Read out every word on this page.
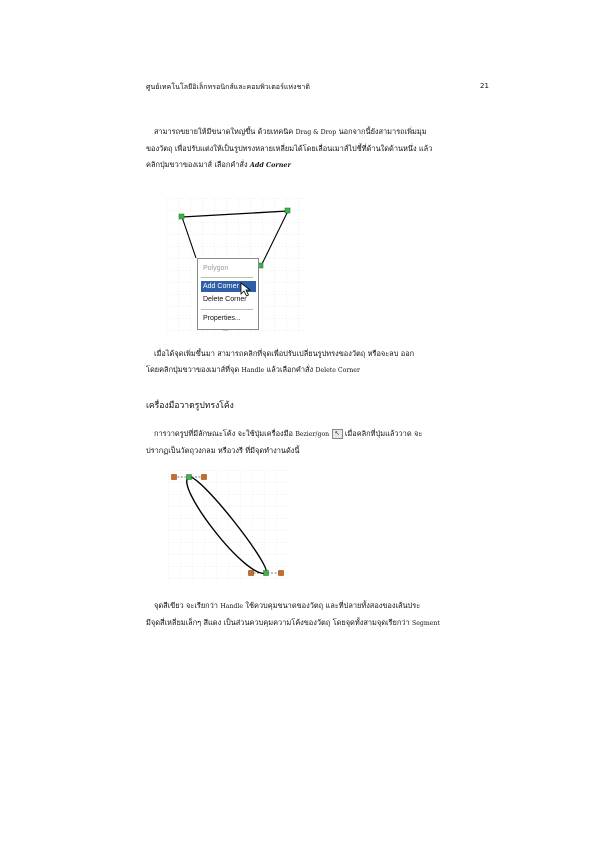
ศูนย์เทคโนโลยีอิเล็กทรอนิกส์และคอมพิวเตอร์แห่งชาติ	21
สามารถขยายให้มีขนาดใหญ่ขึ้น ด้วยเทคนิค Drag & Drop นอกจากนี้ยังสามารถเพิ่มมุม
ของวัตถุ เพื่อปรับแต่งให้เป็นรูปทรงหลายเหลี่ยมได้โดยเลื่อนเมาส์ไปชี้ที่ด้านใดด้านหนึ่ง แล้ว
คลิกปุ่มขวาของเมาส์ เลือกคำสั่ง Add Corner
Polygon
Add Corner
Delete Corner
Properties...
เมื่อได้จุดเพิ่มขึ้นมา สามารถคลิกที่จุดเพื่อปรับเปลี่ยนรูปทรงของวัตถุ หรือจะลบ ออก
โดยคลิกปุ่มขวาของเมาส์ที่จุด Handle แล้วเลือกคำสั่ง Delete Corner
เครื่องมือวาดรูปทรงโค้ง
การวาดรูปที่มีลักษณะโค้ง จะใช้ปุ่มเครื่องมือ Bezier/gon ↖ เมื่อคลิกที่ปุ่มแล้ววาด จะ
ปรากฏเป็นวัตถุวงกลม หรือวงรี ที่มีจุดทำงานดังนี้
จุดสีเขียว จะเรียกว่า Handle ใช้ควบคุมขนาดของวัตถุ และที่ปลายทั้งสองของเส้นประ
มีจุดสี่เหลี่ยมเล็กๆ สีแดง เป็นส่วนควบคุมความโค้งของวัตถุ โดยจุดทั้งสามจุดเรียกว่า Segment
